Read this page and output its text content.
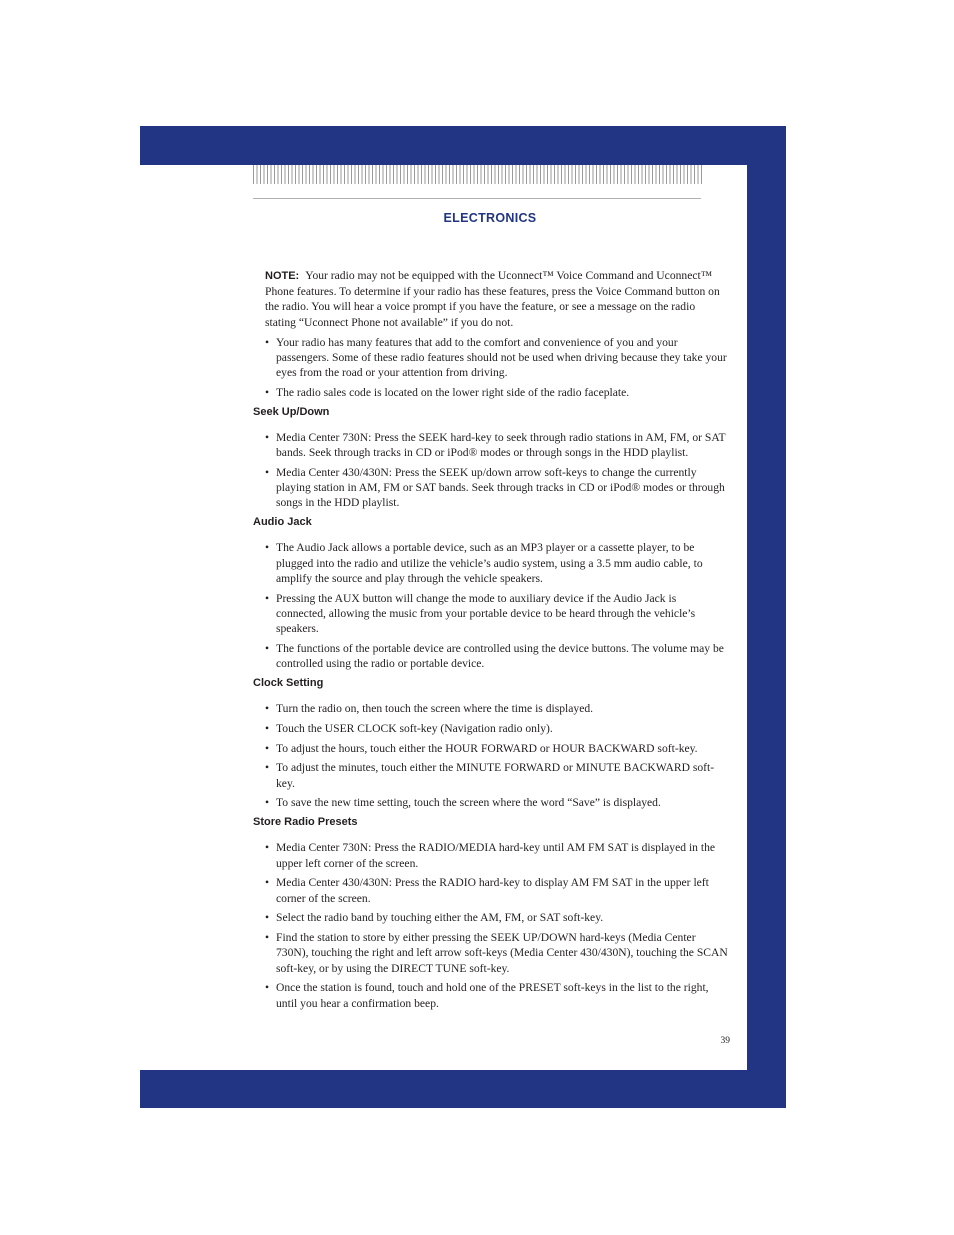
ELECTRONICS

NOTE: Your radio may not be equipped with the Uconnect™ Voice Command and Uconnect™ Phone features. To determine if your radio has these features, press the Voice Command button on the radio. You will hear a voice prompt if you have the feature, or see a message on the radio stating “Uconnect Phone not available” if you do not.

• Your radio has many features that add to the comfort and convenience of you and your passengers. Some of these radio features should not be used when driving because they take your eyes from the road or your attention from driving.
• The radio sales code is located on the lower right side of the radio faceplate.
Seek Up/Down
• Media Center 730N: Press the SEEK hard-key to seek through radio stations in AM, FM, or SAT bands. Seek through tracks in CD or iPod® modes or through songs in the HDD playlist.
• Media Center 430/430N: Press the SEEK up/down arrow soft-keys to change the currently playing station in AM, FM or SAT bands. Seek through tracks in CD or iPod® modes or through songs in the HDD playlist.
Audio Jack
• The Audio Jack allows a portable device, such as an MP3 player or a cassette player, to be plugged into the radio and utilize the vehicle’s audio system, using a 3.5 mm audio cable, to amplify the source and play through the vehicle speakers.
• Pressing the AUX button will change the mode to auxiliary device if the Audio Jack is connected, allowing the music from your portable device to be heard through the vehicle’s speakers.
• The functions of the portable device are controlled using the device buttons. The volume may be controlled using the radio or portable device.
Clock Setting
• Turn the radio on, then touch the screen where the time is displayed.
• Touch the USER CLOCK soft-key (Navigation radio only).
• To adjust the hours, touch either the HOUR FORWARD or HOUR BACKWARD soft-key.
• To adjust the minutes, touch either the MINUTE FORWARD or MINUTE BACKWARD soft-key.
• To save the new time setting, touch the screen where the word “Save” is displayed.
Store Radio Presets
• Media Center 730N: Press the RADIO/MEDIA hard-key until AM FM SAT is displayed in the upper left corner of the screen.
• Media Center 430/430N: Press the RADIO hard-key to display AM FM SAT in the upper left corner of the screen.
• Select the radio band by touching either the AM, FM, or SAT soft-key.
• Find the station to store by either pressing the SEEK UP/DOWN hard-keys (Media Center 730N), touching the right and left arrow soft-keys (Media Center 430/430N), touching the SCAN soft-key, or by using the DIRECT TUNE soft-key.
• Once the station is found, touch and hold one of the PRESET soft-keys in the list to the right, until you hear a confirmation beep.
39
